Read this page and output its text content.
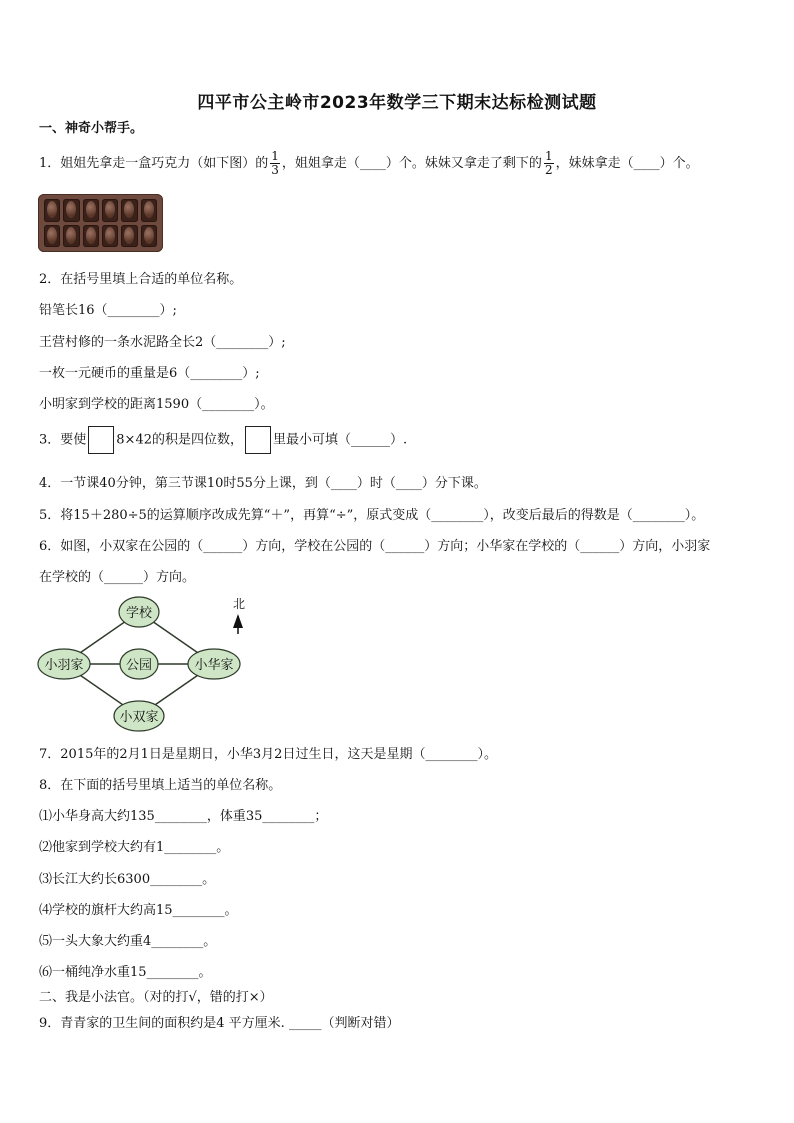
四平市公主岭市2023年数学三下期末达标检测试题
一、神奇小帮手。
1．姐姐先拿走一盒巧克力（如下图）的 $\frac{1}{3}$ ，姐姐拿走（____）个。妹妹又拿走了剩下的 $\frac{1}{2}$ ，妹妹拿走（____）个。
2．在括号里填上合适的单位名称。
铅笔长16（________）;
王营村修的一条水泥路全长2（________）;
一枚一元硬币的重量是6（________）;
小明家到学校的距离1590（________）。
3．要使 8×42的积是四位数， 里最小可填（______）.
4．一节课40分钟，第三节课10时55分上课，到（____）时（____）分下课。
5．将15＋280÷5的运算顺序改成先算“＋”，再算“÷”，原式变成（________），改变后最后的得数是（________）。
6．如图，小双家在公园的（______）方向，学校在公园的（______）方向；小华家在学校的（______）方向，小羽家
在学校的（______）方向。
学校
公园
小羽家	小华家
小双家
北
7．2015年的2月1日是星期日，小华3月2日过生日，这天是星期（________）。
8．在下面的括号里填上适当的单位名称。
⑴小华身高大约135________，体重35________；
⑵他家到学校大约有1________。
⑶长江大约长6300________。
⑷学校的旗杆大约高15________。
⑸一头大象大约重4________。
⑹一桶纯净水重15________。
二、我是小法官。（对的打√，错的打×）
9．青青家的卫生间的面积约是4 平方厘米. _____（判断对错）
